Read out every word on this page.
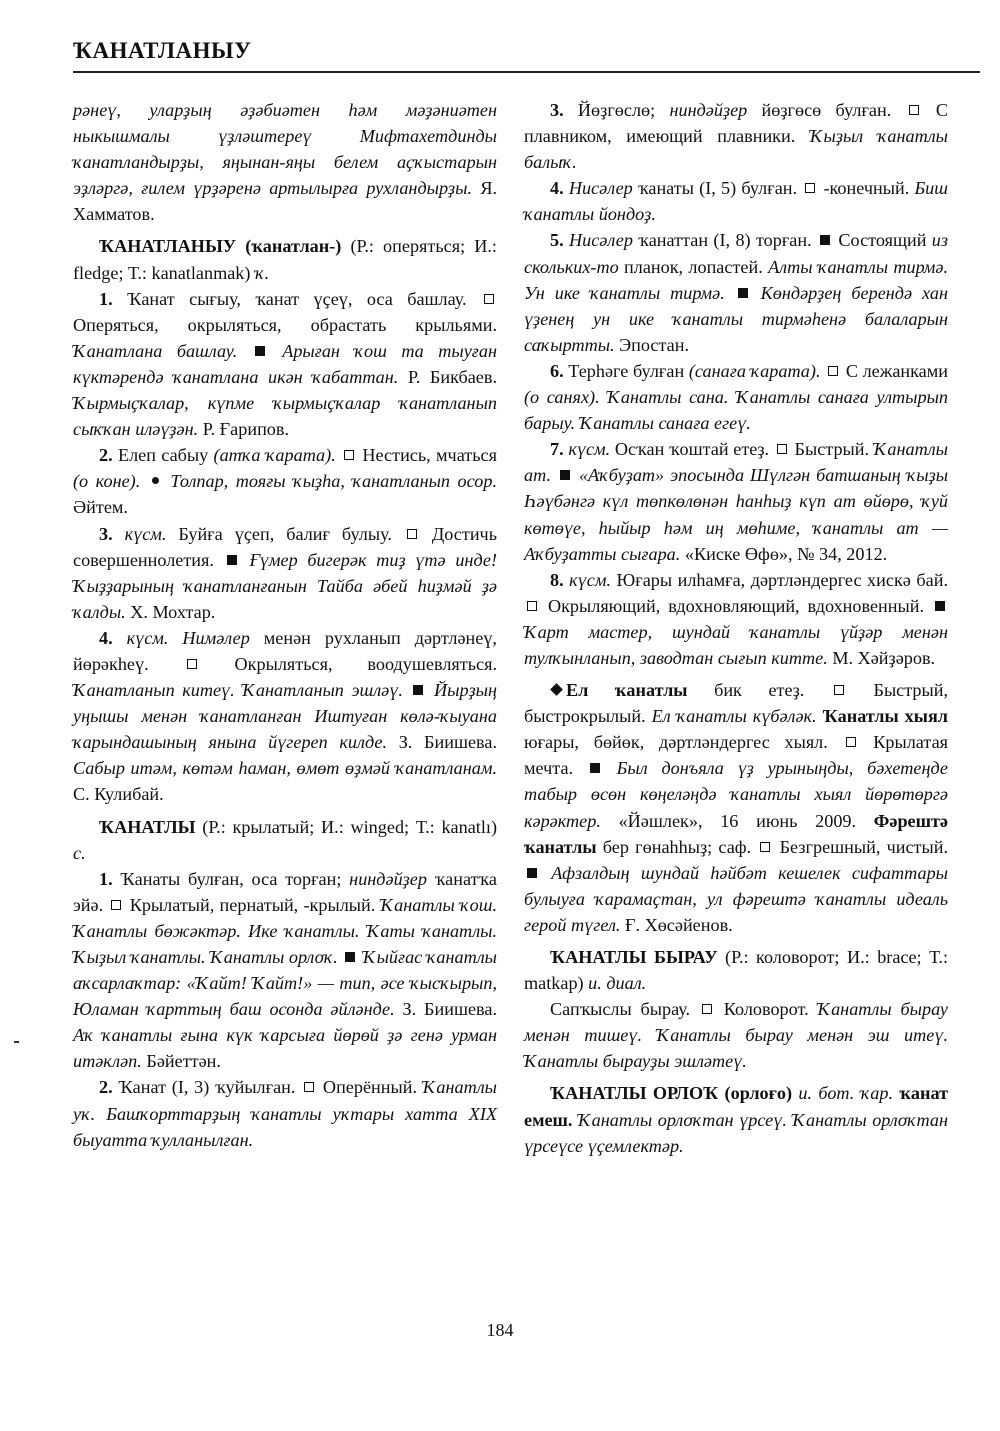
ҠАНАТЛАНЫУ

рәнеү, уларҙың әҙәбиәтен һәм мәҙәниәтен ныкышмалы үҙләштереү Мифтахетдинды ҡанатландырҙы, яңынан-яңы белем аҫҡыстарын эҙләргә, ғилем үрҙәренә артылырға рухландырҙы. Я. Хамматов.

ҠАНАТЛАНЫУ (ҡанатлан-) (Р.: оперяться; И.: fledge; Т.: kanatlanmak) ҡ.

1. Ҡанат сығыу, ҡанат үҫеү, оса башлау.  Оперяться, окрыляться, обрастать крыльями. Ҡанатлана башлау.  Арыған ҡош та тыуған күктәрендә ҡанатлана икән ҡабаттан. Р. Бикбаев. Ҡырмыҫҡалар, күпме ҡырмыҫҡалар ҡанатланып сыҡҡан иләүҙән. Р. Ғарипов.

2. Елеп сабыу (атҡа ҡарата).  Нестись, мчаться (о коне).  Толпар, тояғы ҡыҙһа, ҡанатланып осор. Әйтем.

3. күсм. Буйға үҫеп, балиғ булыу.  Достичь совершеннолетия.  Ғүмер бигерәк тиҙ үтә инде! Ҡыҙҙарының ҡанатланғанын Тайба әбей һиҙмәй ҙә ҡалды. Х. Мохтар.

4. күсм. Нимәлер менән рухланып дәртләнеү, йөрәкһеү.  Окрыляться, воодушевляться. Ҡанатланып китеү. Ҡанатланып эшләү.  Йырҙың уңышы менән ҡанатланған Иштуған көлә-ҡыуана ҡарындашының янына йүгереп килде. З. Биишева. Сабыр итәм, көтәм һаман, өмөт өҙмәй ҡанатланам. С. Кулибай.

ҠАНАТЛЫ (Р.: крылатый; И.: winged; Т.: kanatlı) с.

1. Ҡанаты булған, оса торған; ниндәйҙер ҡанатҡа эйә.  Крылатый, пернатый, -крылый. Ҡанатлы ҡош. Ҡанатлы бөжәктәр. Ике ҡанатлы. Ҡаты ҡанатлы. Ҡыҙыл ҡанатлы. Ҡанатлы орлоҡ.  Ҡыйғас ҡанатлы аҡсарлаҡтар: «Ҡайт! Ҡайт!» — тип, әсе ҡысҡырып, Юламан ҡарттың баш осонда әйләнде. З. Биишева. Аҡ ҡанатлы ғына күк ҡарсыға йөрөй ҙә генә урман итәкләп. Бәйеттән.

2. Ҡанат (I, 3) ҡуйылған.  Оперённый. Ҡанатлы уҡ. Башҡорттарҙың ҡанатлы уҡтары хатта XIX быуатта ҡулланылған.

3. Йөҙгөслө; ниндәйҙер йөҙгөсө булған.  С плавником, имеющий плавники. Ҡыҙыл ҡанатлы балыҡ.

4. Нисәлер ҡанаты (I, 5) булған.  -конечный. Биш ҡанатлы йондоҙ.

5. Нисәлер ҡанаттан (I, 8) торған.  Состоящий из скольких-то планок, лопастей. Алты ҡанатлы тирмә. Ун ике ҡанатлы тирмә.  Көндәрҙең берендә хан үҙенең ун ике ҡанатлы тирмәһенә балаларын саҡыртты. Эпостан.

6. Терһәге булған (санаға ҡарата).  С лежанками (о санях). Ҡанатлы сана. Ҡанатлы санаға ултырып барыу. Ҡанатлы санаға егеү.

7. күсм. Осҡан ҡоштай етеҙ.  Быстрый. Ҡанатлы ат.  «Аҡбуҙат» эпосында Шүлгән батшаның ҡыҙы Һәүбәнгә күл төпкөлөнән һанһыҙ күп ат өйөрө, ҡуй көтөүе, һыйыр һәм иң мөһиме, ҡанатлы ат — Аҡбуҙатты сығара. «Киске Өфө», № 34, 2012.

8. күсм. Юғары илһамға, дәртләндергес хискә бай.  Окрыляющий, вдохновляющий, вдохновенный.  Ҡарт мастер, шундай ҡанатлы үйҙәр менән тулҡынланып, заводтан сығып китте. М. Хәйҙәров.

Ел ҡанатлы бик етеҙ.  Быстрый, быстрокрылый. Ел ҡанатлы күбәләк. Ҡанатлы хыял юғары, бөйөк, дәртләндергес хыял.  Крылатая мечта.  Был донъяла үҙ урыныңды, бәхетеңде табыр өсөн көңеләңдә ҡанатлы хыял йөрөтөргә кәрәктер. «Йәшлек», 16 июнь 2009. Фәрештә ҡанатлы бер гөнаһһыҙ; саф.  Безгрешный, чистый.  Афзалдың шундай һәйбәт кешелек сифаттары булыуға ҡарамаҫтан, ул фәрештә ҡанатлы идеаль герой түгел. Ғ. Хөсәйенов.

ҠАНАТЛЫ БЫРАУ (Р.: коловорот; И.: brace; Т.: matkap) и. диал.

Сапҡыслы бырау.  Коловорот. Ҡанатлы бырау менән тишеү. Ҡанатлы бырау менән эш итеү. Ҡанатлы бырауҙы эшләтеү.

ҠАНАТЛЫ ОРЛОҠ (орлоғо) и. бот. ҡар. ҡанат емеш. Ҡанатлы орлоҡтан үрсеү. Ҡанатлы орлоҡтан үрсеүсе үҫемлектәр.

184
